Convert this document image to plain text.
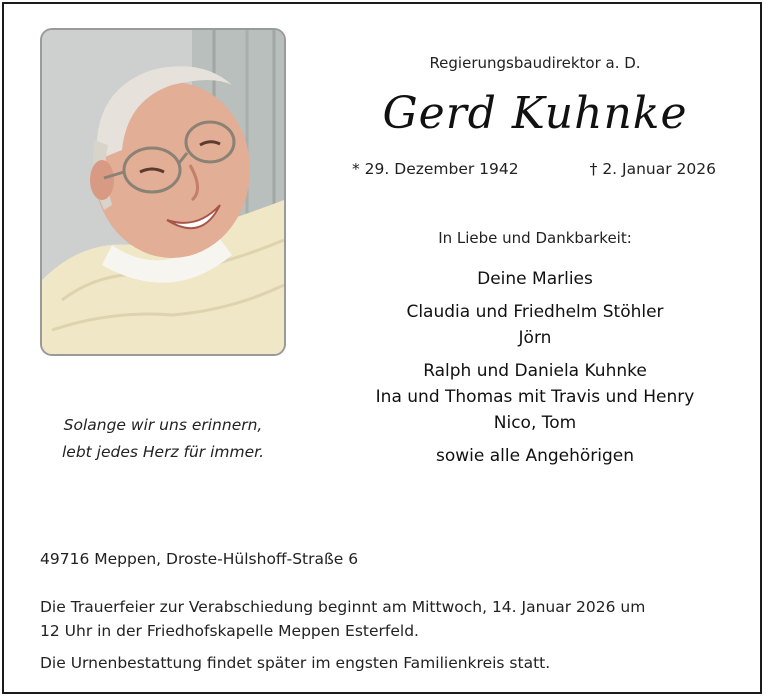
Solange wir uns erinnern,
lebt jedes Herz für immer.
Regierungsbaudirektor a. D.
Gerd Kuhnke
* 29. Dezember 1942	† 2. Januar 2026
In Liebe und Dankbarkeit:
Deine Marlies
Claudia und Friedhelm Stöhler
Jörn
Ralph und Daniela Kuhnke
Ina und Thomas mit Travis und Henry
Nico, Tom
sowie alle Angehörigen
49716 Meppen, Droste-Hülshoff-Straße 6
Die Trauerfeier zur Verabschiedung beginnt am Mittwoch, 14. Januar 2026 um
12 Uhr in der Friedhofskapelle Meppen Esterfeld.
Die Urnenbestattung findet später im engsten Familienkreis statt.
